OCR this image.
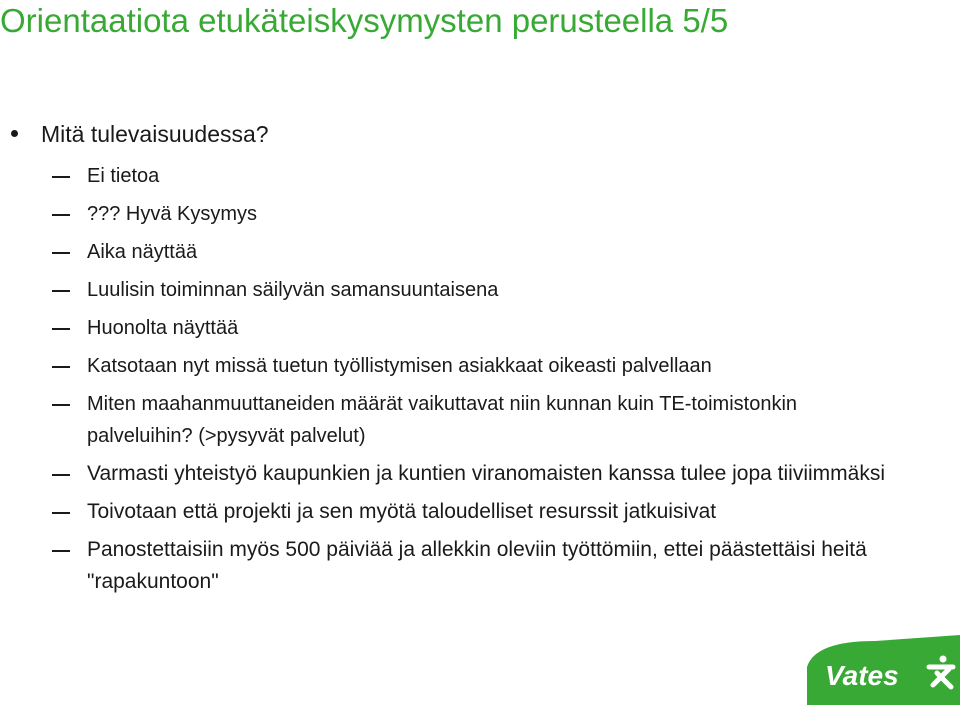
Orientaatiota etukäteiskysymysten perusteella 5/5
Mitä tulevaisuudessa?
Ei tietoa
??? Hyvä Kysymys
Aika näyttää
Luulisin toiminnan säilyvän samansuuntaisena
Huonolta näyttää
Katsotaan nyt missä tuetun työllistymisen asiakkaat oikeasti palvellaan
Miten maahanmuuttaneiden määrät vaikuttavat niin kunnan kuin TE-toimistonkin palveluihin? (>pysyvät palvelut)
Varmasti yhteistyö kaupunkien ja kuntien viranomaisten kanssa tulee jopa tiiviimmäksi
Toivotaan että projekti ja sen myötä taloudelliset resurssit jatkuisivat
Panostettaisiin myös 500 päiviää ja allekkin oleviin työttömiin, ettei päästettäisi heitä "rapakuntoon"
Vates
